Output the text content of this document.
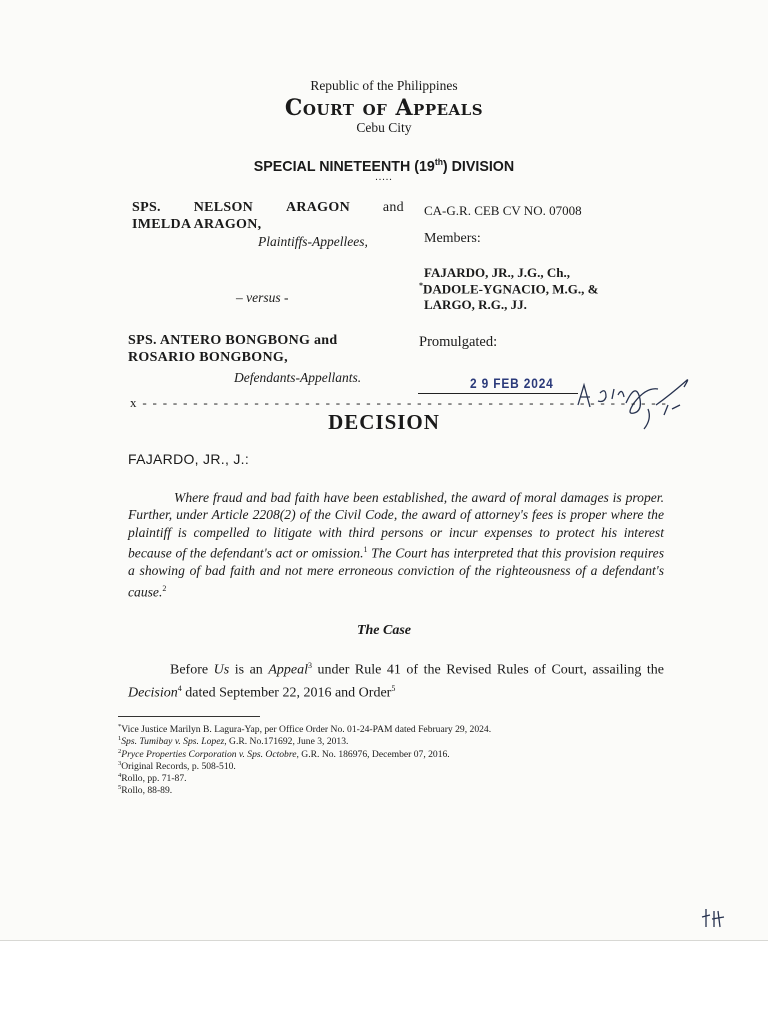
Republic of the Philippines
Court of Appeals
Cebu City
SPECIAL NINETEENTH (19th) DIVISION
.....
SPS. NELSON ARAGON and
IMELDA ARAGON,
Plaintiffs-Appellees,
– versus -
SPS. ANTERO BONGBONG and
ROSARIO BONGBONG,
Defendants-Appellants.
CA-G.R. CEB CV NO. 07008
Members:
FAJARDO, JR., J.G., Ch.,
*DADOLE-YGNACIO, M.G., &
LARGO, R.G., JJ.
Promulgated:
2 9 FEB 2024
x - - - - - - - - - - - - - - - - - - - - - - - - - - - - - - - - - - - - - - - - - - - - - - - - - - - -
DECISION
FAJARDO, JR., J.:
Where fraud and bad faith have been established, the award of moral damages is proper. Further, under Article 2208(2) of the Civil Code, the award of attorney's fees is proper where the plaintiff is compelled to litigate with third persons or incur expenses to protect his interest because of the defendant's act or omission.$^1$ The Court has interpreted that this provision requires a showing of bad faith and not mere erroneous conviction of the righteousness of a defendant's cause.$^2$
The Case
Before Us is an Appeal$^3$ under Rule 41 of the Revised Rules of Court, assailing the Decision$^4$ dated September 22, 2016 and Order$^5$
*Vice Justice Marilyn B. Lagura-Yap, per Office Order No. 01-24-PAM dated February 29, 2024.
$^1$Sps. Tumibay v. Sps. Lopez, G.R. No.171692, June 3, 2013.
$^2$Pryce Properties Corporation v. Sps. Octobre, G.R. No. 186976, December 07, 2016.
$^3$Original Records, p. 508-510.
$^4$Rollo, pp. 71-87.
$^5$Rollo, 88-89.
